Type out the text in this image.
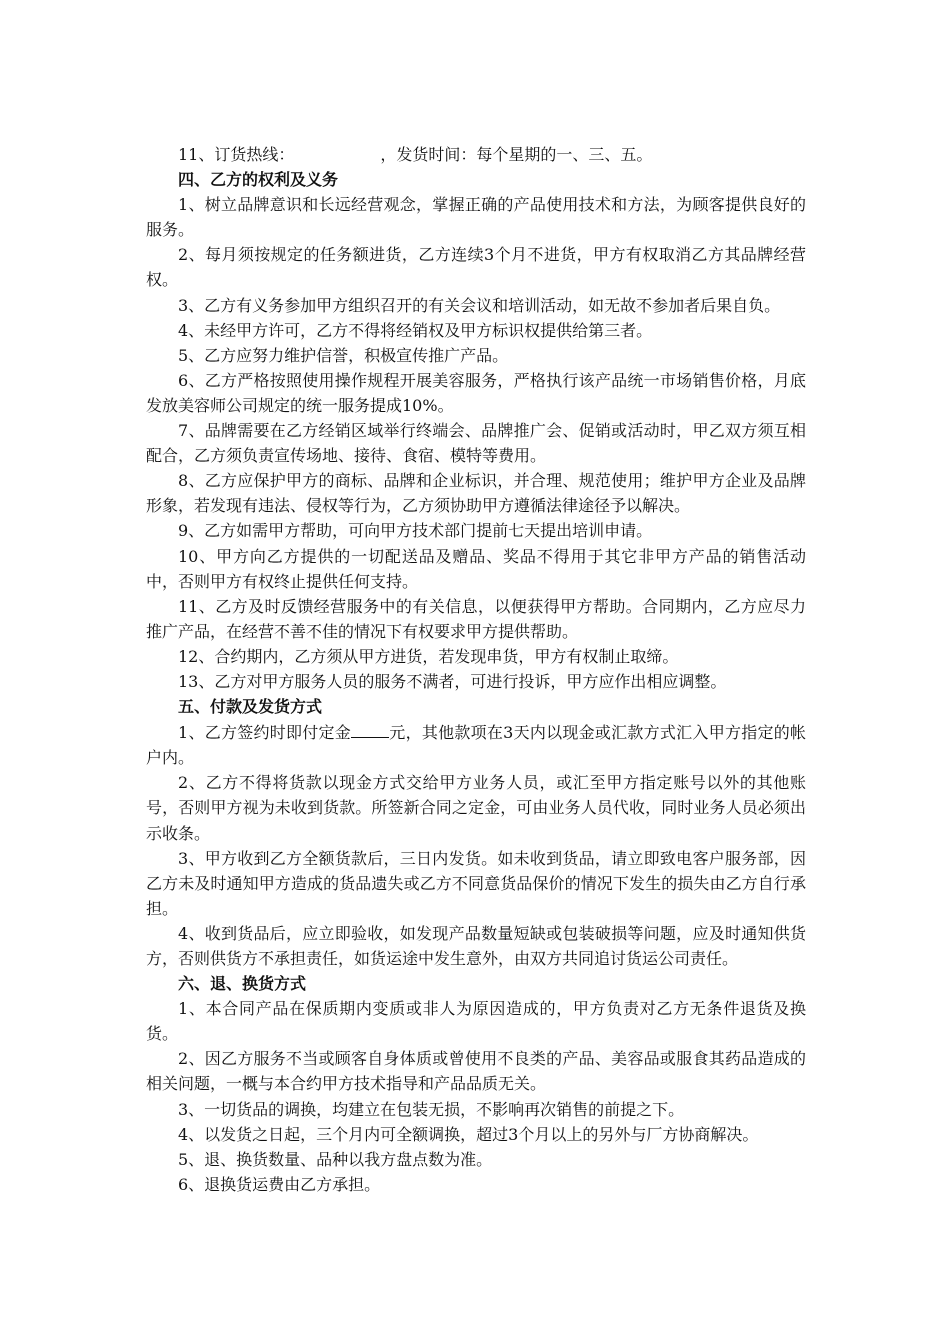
11、订货热线：	，发货时间：每个星期的一、三、五。

四、乙方的权利及义务

1、树立品牌意识和长远经营观念，掌握正确的产品使用技术和方法，为顾客提供良好的服务。

2、每月须按规定的任务额进货，乙方连续3个月不进货，甲方有权取消乙方其品牌经营权。

3、乙方有义务参加甲方组织召开的有关会议和培训活动，如无故不参加者后果自负。

4、未经甲方许可，乙方不得将经销权及甲方标识权提供给第三者。

5、乙方应努力维护信誉，积极宣传推广产品。

6、乙方严格按照使用操作规程开展美容服务，严格执行该产品统一市场销售价格，月底发放美容师公司规定的统一服务提成10%。

7、品牌需要在乙方经销区域举行终端会、品牌推广会、促销或活动时，甲乙双方须互相配合，乙方须负责宣传场地、接待、食宿、模特等费用。

8、乙方应保护甲方的商标、品牌和企业标识，并合理、规范使用；维护甲方企业及品牌形象，若发现有违法、侵权等行为，乙方须协助甲方遵循法律途径予以解决。

9、乙方如需甲方帮助，可向甲方技术部门提前七天提出培训申请。

10、甲方向乙方提供的一切配送品及赠品、奖品不得用于其它非甲方产品的销售活动中，否则甲方有权终止提供任何支持。

11、乙方及时反馈经营服务中的有关信息，以便获得甲方帮助。合同期内，乙方应尽力推广产品，在经营不善不佳的情况下有权要求甲方提供帮助。

12、合约期内，乙方须从甲方进货，若发现串货，甲方有权制止取缔。

13、乙方对甲方服务人员的服务不满者，可进行投诉，甲方应作出相应调整。

五、付款及发货方式

1、乙方签约时即付定金 元，其他款项在3天内以现金或汇款方式汇入甲方指定的帐户内。

2、乙方不得将货款以现金方式交给甲方业务人员，或汇至甲方指定账号以外的其他账号，否则甲方视为未收到货款。所签新合同之定金，可由业务人员代收，同时业务人员必须出示收条。

3、甲方收到乙方全额货款后，三日内发货。如未收到货品，请立即致电客户服务部，因乙方未及时通知甲方造成的货品遗失或乙方不同意货品保价的情况下发生的损失由乙方自行承担。

4、收到货品后，应立即验收，如发现产品数量短缺或包装破损等问题，应及时通知供货方，否则供货方不承担责任，如货运途中发生意外，由双方共同追讨货运公司责任。

六、退、换货方式

1、本合同产品在保质期内变质或非人为原因造成的，甲方负责对乙方无条件退货及换货。

2、因乙方服务不当或顾客自身体质或曾使用不良类的产品、美容品或服食其药品造成的相关问题，一概与本合约甲方技术指导和产品品质无关。

3、一切货品的调换，均建立在包装无损，不影响再次销售的前提之下。

4、以发货之日起，三个月内可全额调换，超过3个月以上的另外与厂方协商解决。

5、退、换货数量、品种以我方盘点数为准。

6、退换货运费由乙方承担。
